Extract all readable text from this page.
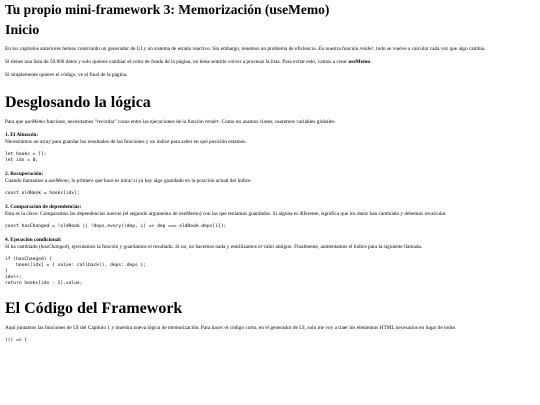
Tu propio mini-framework 3: Memorización (useMemo)
Inicio

En los capítulos anteriores hemos construido un generador de UI y un sistema de estado reactivo. Sin embargo, tenemos un problema de eficiencia. En nuestra función render, todo se vuelve a calcular cada vez que algo cambia.

Si tienes una lista de 50.000 datos y solo quieres cambiar el color de fondo de la página, no tiene sentido volver a procesar la lista. Para evitar esto, vamos a crear useMemo.

Si simplemente quieres el código, ve al final de la página.

Desglosando la lógica

Para que useMemo funcione, necesitamos "recordar" cosas entre las ejecuciones de la función render. Como no usamos clases, usaremos variables globales.

1. El Almacén:
Necesitamos un array para guardar los resultados de las funciones y un índice para saber en qué posición estamos.
let hooks = [];
let idx = 0;
2. Recuperación:
Cuando llamamos a useMemo, lo primero que hace es mirar si ya hay algo guardado en la posición actual del índice.
const oldHook = hooks[idx];
3. Comparación de dependencias:
Esta es la clave. Comparamos las dependencias nuevas (el segundo argumento de useMemo) con las que teníamos guardadas. Si alguna es diferente, significa que los datos han cambiado y debemos recalcular.
const hasChanged = !oldHook || !deps.every((dep, i) => dep === oldHook.deps[i]);
4. Ejecución condicional:
Si ha cambiado (hasChanged), ejecutamos la función y guardamos el resultado. Si no, no hacemos nada y reutilizamos el valor antiguo. Finalmente, aumentamos el índice para la siguiente llamada.
if (hasChanged) {
hooks[idx] = { value: callback(), deps: deps };
}
idx++;
return hooks[idx - 1].value;
El Código del Framework

Aquí juntamos las funciones de UI del Capítulo 1 y muestra nueva lógica de memorización. Para hacer el código corto, en el generador de UI, solo me voy a traer los elementos HTML necesarios en lugar de todos

(() => {
